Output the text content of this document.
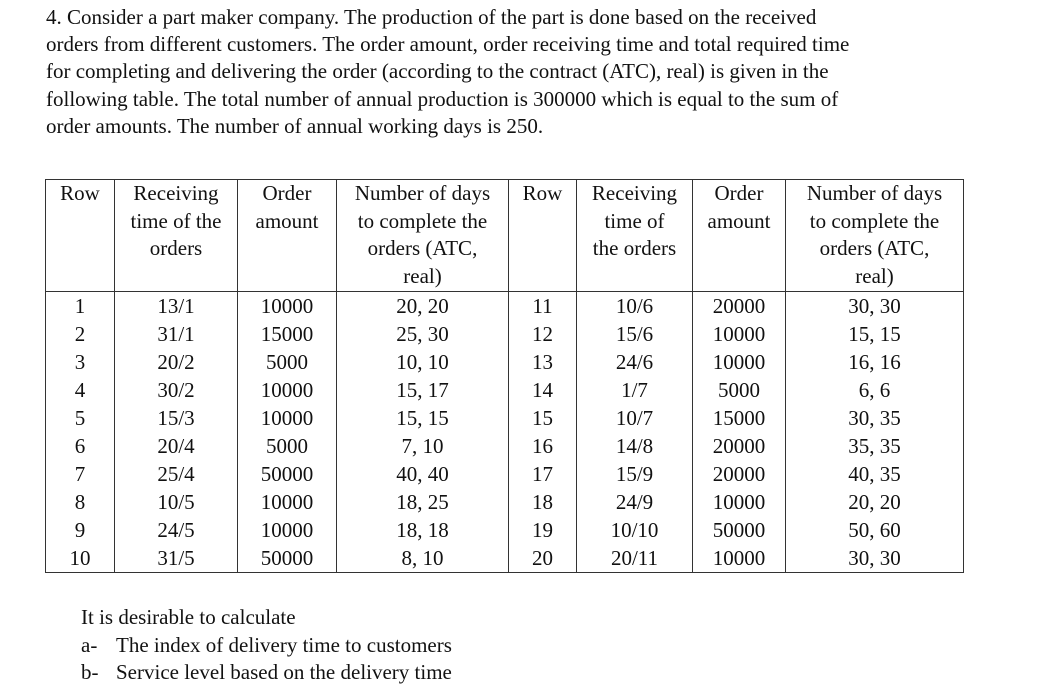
4. Consider a part maker company. The production of the part is done based on the received
orders from different customers. The order amount, order receiving time and total required time
for completing and delivering the order (according to the contract (ATC), real) is given in the
following table. The total number of annual production is 300000 which is equal to the sum of
order amounts. The number of annual working days is 250.
Row	Receiving
time of the
orders	Order
amount	Number of days
to complete the
orders (ATC,
real)	Row	Receiving
time of
the orders	Order
amount	Number of days
to complete the
orders (ATC,
real)

1	13/1	10000	20, 20	11	10/6	20000	30, 30
2	31/1	15000	25, 30	12	15/6	10000	15, 15
3	20/2	5000	10, 10	13	24/6	10000	16, 16
4	30/2	10000	15, 17	14	1/7	5000	6, 6
5	15/3	10000	15, 15	15	10/7	15000	30, 35
6	20/4	5000	7, 10	16	14/8	20000	35, 35
7	25/4	50000	40, 40	17	15/9	20000	40, 35
8	10/5	10000	18, 25	18	24/9	10000	20, 20
9	24/5	10000	18, 18	19	10/10	50000	50, 60
10	31/5	50000	8, 10	20	20/11	10000	30, 30
It is desirable to calculate
a- The index of delivery time to customers
b- Service level based on the delivery time
